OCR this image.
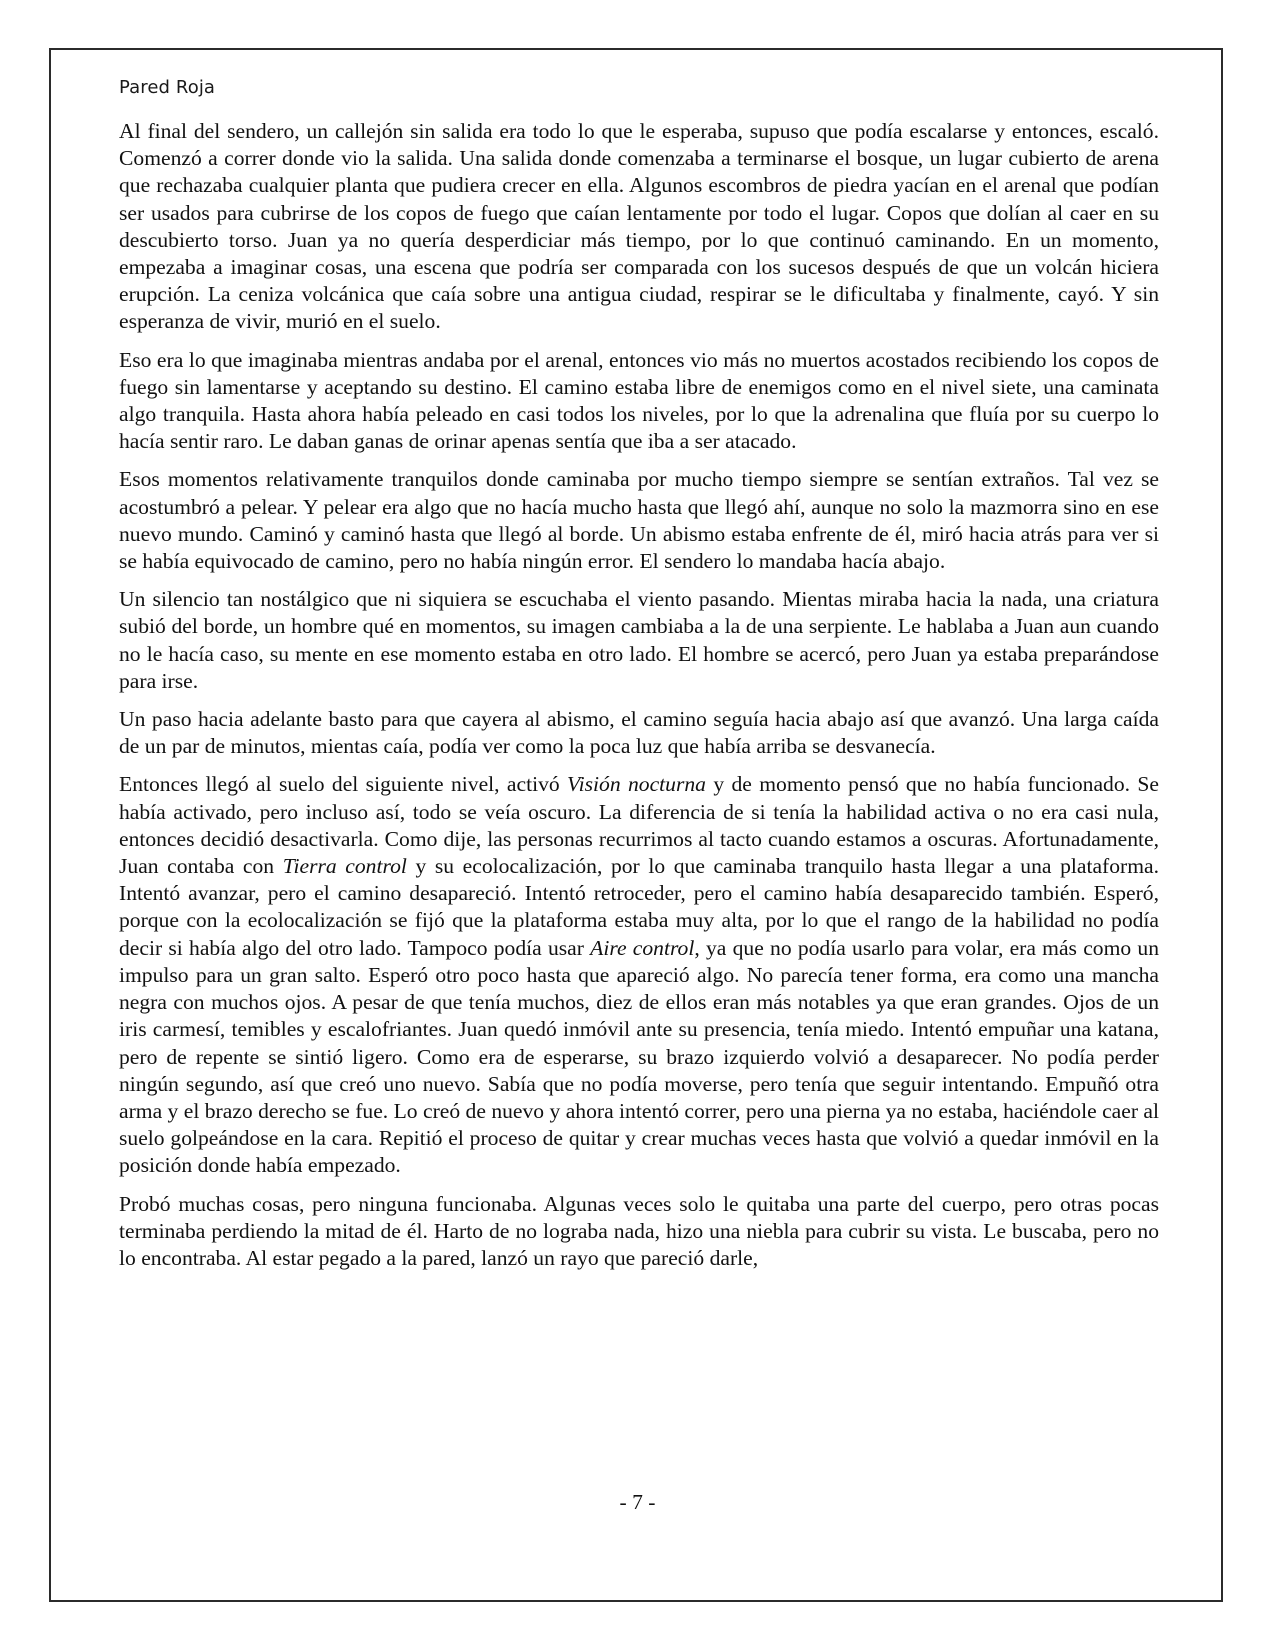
Pared Roja

Al final del sendero, un callejón sin salida era todo lo que le esperaba, supuso que podía escalarse y entonces, escaló. Comenzó a correr donde vio la salida. Una salida donde comenzaba a terminarse el bosque, un lugar cubierto de arena que rechazaba cualquier planta que pudiera crecer en ella. Algunos escombros de piedra yacían en el arenal que podían ser usados para cubrirse de los copos de fuego que caían lentamente por todo el lugar. Copos que dolían al caer en su descubierto torso. Juan ya no quería desperdiciar más tiempo, por lo que continuó caminando. En un momento, empezaba a imaginar cosas, una escena que podría ser comparada con los sucesos después de que un volcán hiciera erupción. La ceniza volcánica que caía sobre una antigua ciudad, respirar se le dificultaba y finalmente, cayó. Y sin esperanza de vivir, murió en el suelo.

Eso era lo que imaginaba mientras andaba por el arenal, entonces vio más no muertos acostados recibiendo los copos de fuego sin lamentarse y aceptando su destino. El camino estaba libre de enemigos como en el nivel siete, una caminata algo tranquila. Hasta ahora había peleado en casi todos los niveles, por lo que la adrenalina que fluía por su cuerpo lo hacía sentir raro. Le daban ganas de orinar apenas sentía que iba a ser atacado.

Esos momentos relativamente tranquilos donde caminaba por mucho tiempo siempre se sentían extraños. Tal vez se acostumbró a pelear. Y pelear era algo que no hacía mucho hasta que llegó ahí, aunque no solo la mazmorra sino en ese nuevo mundo. Caminó y caminó hasta que llegó al borde. Un abismo estaba enfrente de él, miró hacia atrás para ver si se había equivocado de camino, pero no había ningún error. El sendero lo mandaba hacía abajo.

Un silencio tan nostálgico que ni siquiera se escuchaba el viento pasando. Mientas miraba hacia la nada, una criatura subió del borde, un hombre qué en momentos, su imagen cambiaba a la de una serpiente. Le hablaba a Juan aun cuando no le hacía caso, su mente en ese momento estaba en otro lado. El hombre se acercó, pero Juan ya estaba preparándose para irse.

Un paso hacia adelante basto para que cayera al abismo, el camino seguía hacia abajo así que avanzó. Una larga caída de un par de minutos, mientas caía, podía ver como la poca luz que había arriba se desvanecía.

Entonces llegó al suelo del siguiente nivel, activó Visión nocturna y de momento pensó que no había funcionado. Se había activado, pero incluso así, todo se veía oscuro. La diferencia de si tenía la habilidad activa o no era casi nula, entonces decidió desactivarla. Como dije, las personas recurrimos al tacto cuando estamos a oscuras. Afortunadamente, Juan contaba con Tierra control y su ecolocalización, por lo que caminaba tranquilo hasta llegar a una plataforma. Intentó avanzar, pero el camino desapareció. Intentó retroceder, pero el camino había desaparecido también. Esperó, porque con la ecolocalización se fijó que la plataforma estaba muy alta, por lo que el rango de la habilidad no podía decir si había algo del otro lado. Tampoco podía usar Aire control, ya que no podía usarlo para volar, era más como un impulso para un gran salto. Esperó otro poco hasta que apareció algo. No parecía tener forma, era como una mancha negra con muchos ojos. A pesar de que tenía muchos, diez de ellos eran más notables ya que eran grandes. Ojos de un iris carmesí, temibles y escalofriantes. Juan quedó inmóvil ante su presencia, tenía miedo. Intentó empuñar una katana, pero de repente se sintió ligero. Como era de esperarse, su brazo izquierdo volvió a desaparecer. No podía perder ningún segundo, así que creó uno nuevo. Sabía que no podía moverse, pero tenía que seguir intentando. Empuñó otra arma y el brazo derecho se fue. Lo creó de nuevo y ahora intentó correr, pero una pierna ya no estaba, haciéndole caer al suelo golpeándose en la cara. Repitió el proceso de quitar y crear muchas veces hasta que volvió a quedar inmóvil en la posición donde había empezado.

Probó muchas cosas, pero ninguna funcionaba. Algunas veces solo le quitaba una parte del cuerpo, pero otras pocas terminaba perdiendo la mitad de él. Harto de no lograba nada, hizo una niebla para cubrir su vista. Le buscaba, pero no lo encontraba. Al estar pegado a la pared, lanzó un rayo que pareció darle,

- 7 -
